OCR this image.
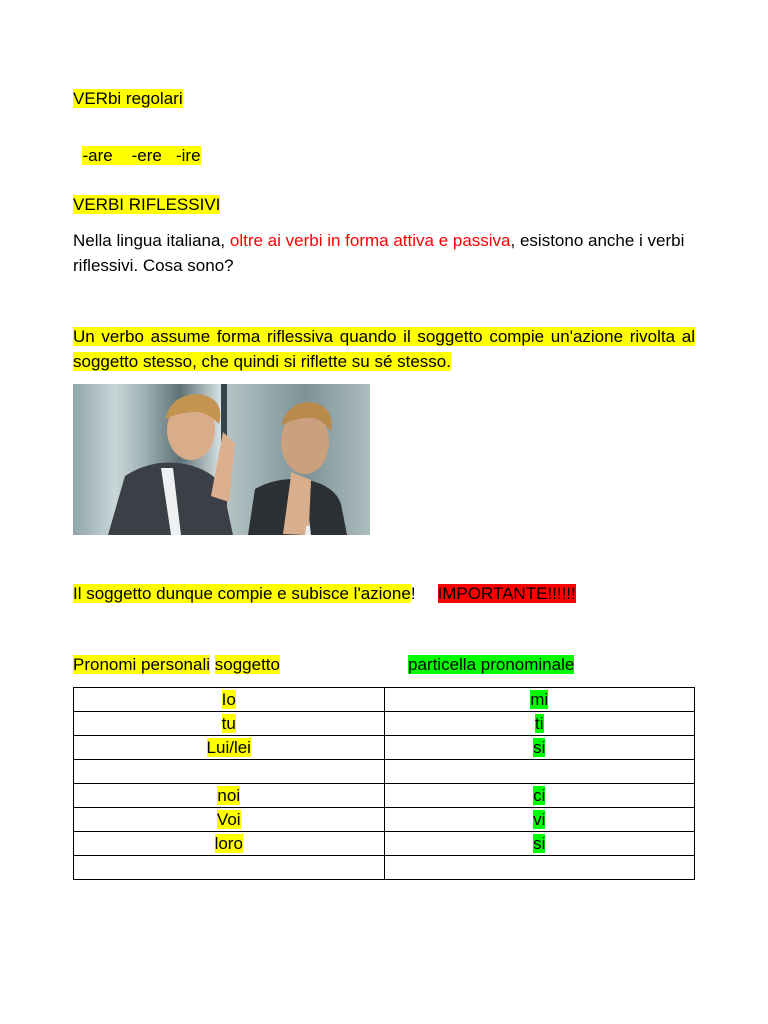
VERbi regolari

-are    -ere   -ire

VERBI RIFLESSIVI
Nella lingua italiana, oltre ai verbi in forma attiva e passiva, esistono anche i verbi riflessivi. Cosa sono?
Un verbo assume forma riflessiva quando il soggetto compie un'azione rivolta al soggetto stesso, che quindi si riflette su sé stesso.
Il soggetto dunque compie e subisce l'azione! IMPORTANTE!!!!!!
Pronomi personali soggetto	particella pronominale
Io	mi
tu	ti
Lui/lei	si

noi	ci
Voi	vi
loro	si
